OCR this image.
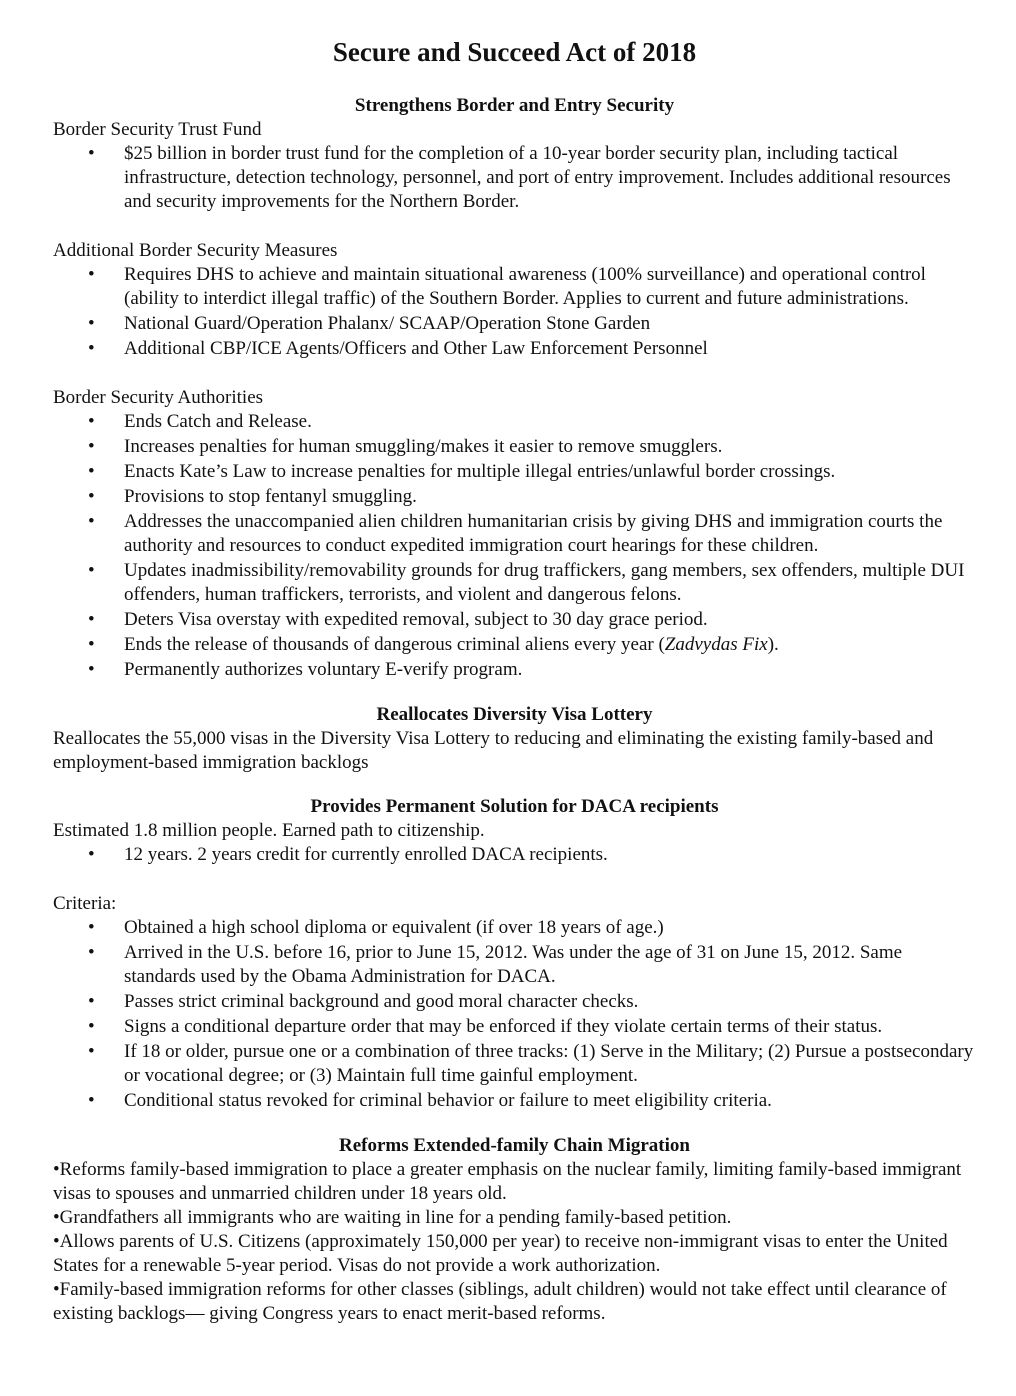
Secure and Succeed Act of 2018
Strengthens Border and Entry Security

Border Security Trust Fund

• $25 billion in border trust fund for the completion of a 10-year border security plan, including tactical infrastructure, detection technology, personnel, and port of entry improvement. Includes additional resources and security improvements for the Northern Border.

Additional Border Security Measures

• Requires DHS to achieve and maintain situational awareness (100% surveillance) and operational control (ability to interdict illegal traffic) of the Southern Border. Applies to current and future administrations.
• National Guard/Operation Phalanx/ SCAAP/Operation Stone Garden
• Additional CBP/ICE Agents/Officers and Other Law Enforcement Personnel

Border Security Authorities

• Ends Catch and Release.
• Increases penalties for human smuggling/makes it easier to remove smugglers.
• Enacts Kate’s Law to increase penalties for multiple illegal entries/unlawful border crossings.
• Provisions to stop fentanyl smuggling.
• Addresses the unaccompanied alien children humanitarian crisis by giving DHS and immigration courts the authority and resources to conduct expedited immigration court hearings for these children.
• Updates inadmissibility/removability grounds for drug traffickers, gang members, sex offenders, multiple DUI offenders, human traffickers, terrorists, and violent and dangerous felons.
• Deters Visa overstay with expedited removal, subject to 30 day grace period.
• Ends the release of thousands of dangerous criminal aliens every year (Zadvydas Fix).
• Permanently authorizes voluntary E-verify program.
Reallocates Diversity Visa Lottery

Reallocates the 55,000 visas in the Diversity Visa Lottery to reducing and eliminating the existing family-based and employment-based immigration backlogs

Provides Permanent Solution for DACA recipients

Estimated 1.8 million people. Earned path to citizenship.

• 12 years. 2 years credit for currently enrolled DACA recipients.

Criteria:

• Obtained a high school diploma or equivalent (if over 18 years of age.)
• Arrived in the U.S. before 16, prior to June 15, 2012. Was under the age of 31 on June 15, 2012. Same standards used by the Obama Administration for DACA.
• Passes strict criminal background and good moral character checks.
• Signs a conditional departure order that may be enforced if they violate certain terms of their status.
• If 18 or older, pursue one or a combination of three tracks: (1) Serve in the Military; (2) Pursue a postsecondary or vocational degree; or (3) Maintain full time gainful employment.
• Conditional status revoked for criminal behavior or failure to meet eligibility criteria.
Reforms Extended-family Chain Migration

•Reforms family-based immigration to place a greater emphasis on the nuclear family, limiting family-based immigrant visas to spouses and unmarried children under 18 years old.

•Grandfathers all immigrants who are waiting in line for a pending family-based petition.

•Allows parents of U.S. Citizens (approximately 150,000 per year) to receive non-immigrant visas to enter the United States for a renewable 5-year period. Visas do not provide a work authorization.

•Family-based immigration reforms for other classes (siblings, adult children) would not take effect until clearance of existing backlogs— giving Congress years to enact merit-based reforms.
